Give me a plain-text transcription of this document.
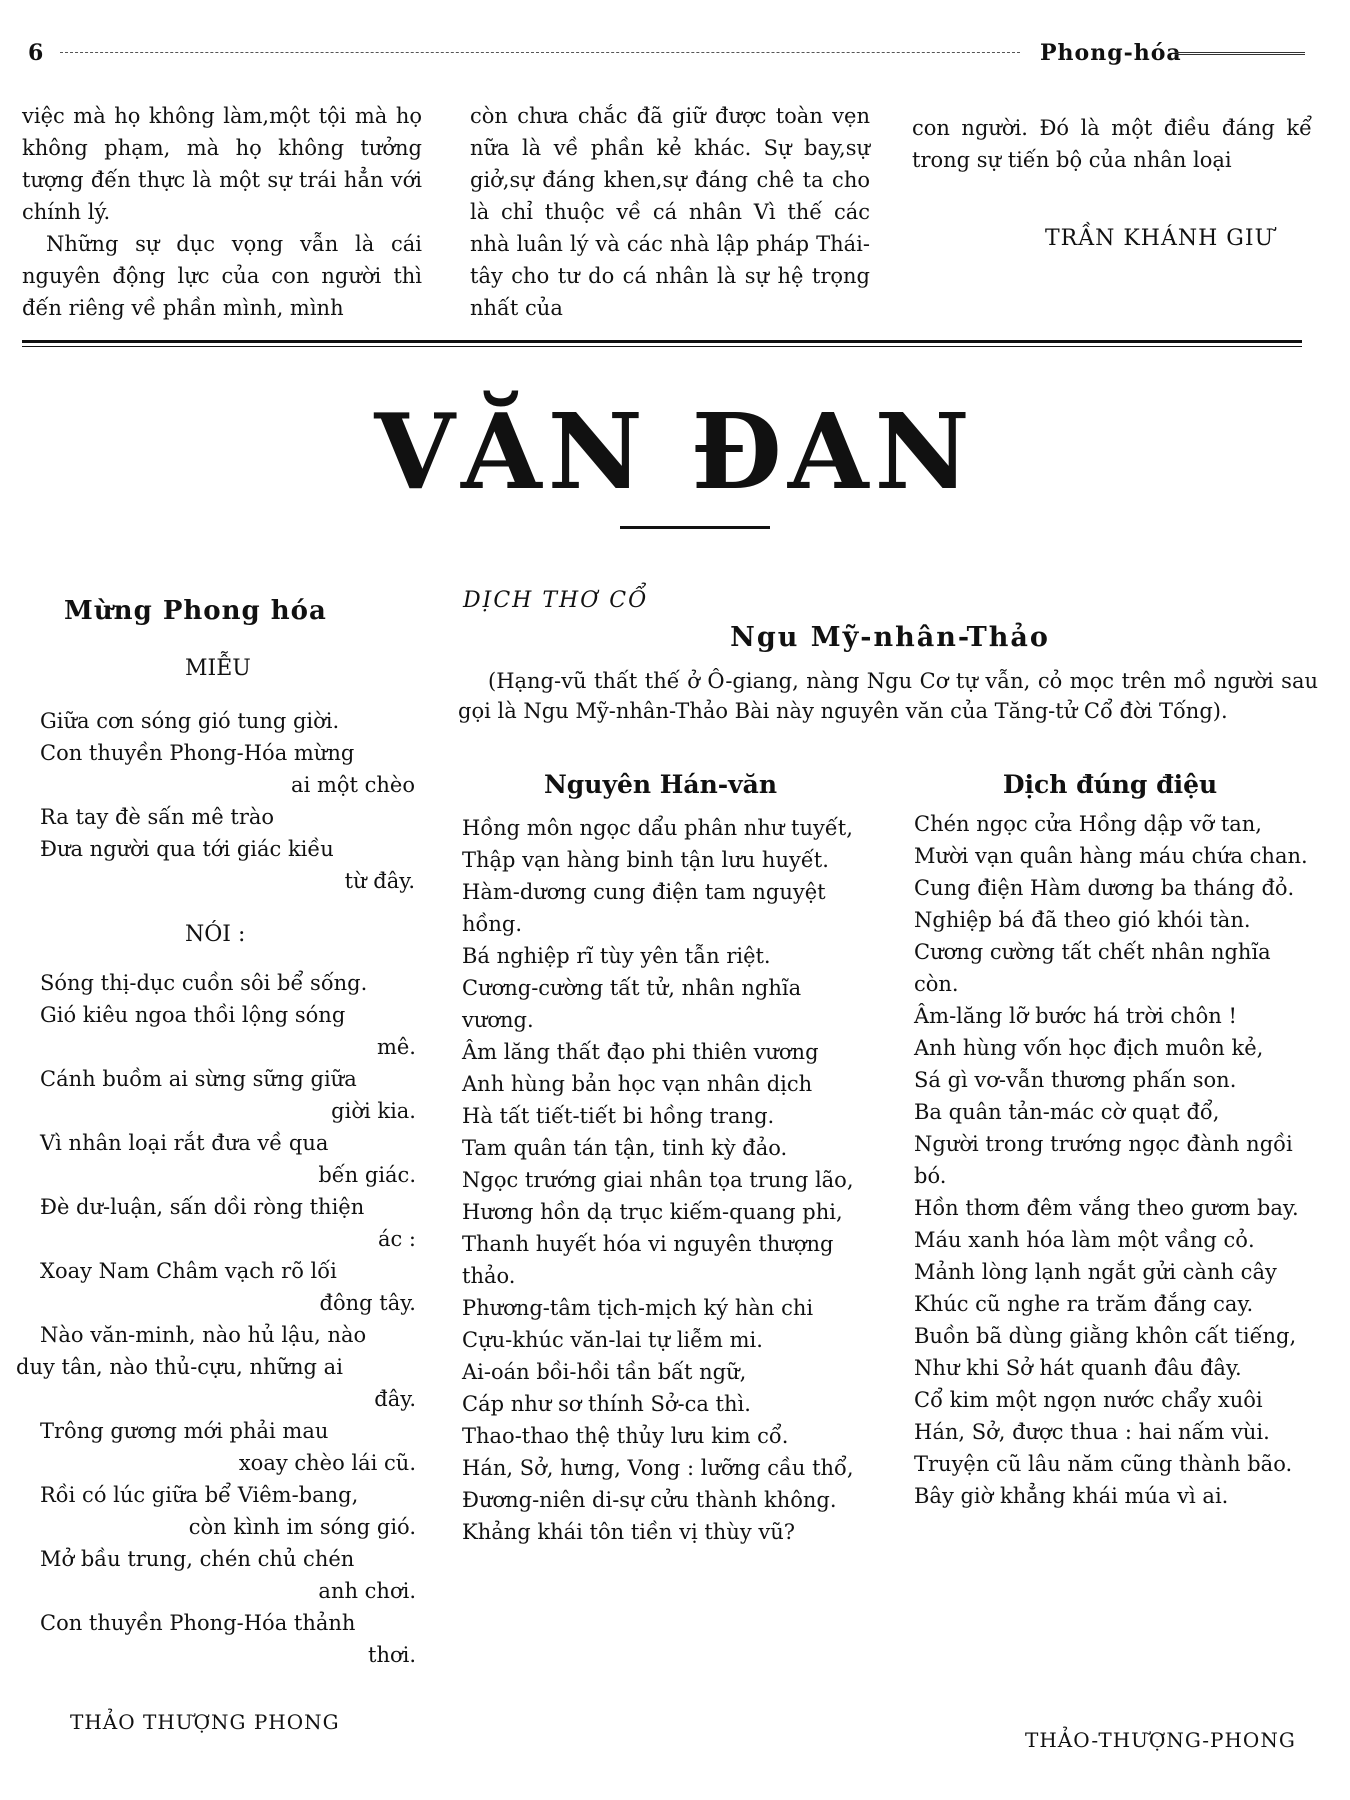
6	Phong-hóa

việc mà họ không làm,một tội mà họ không phạm, mà họ không tưởng tượng đến thực là một sự trái hẳn với chính lý.

Những sự dục vọng vẫn là cái nguyên động lực của con người thì đến riêng về phần mình, mình

còn chưa chắc đã giữ được toàn vẹn nữa là về phần kẻ khác. Sự bay,sự giở,sự đáng khen,sự đáng chê ta cho là chỉ thuộc về cá nhân Vì thế các nhà luân lý và các nhà lập pháp Thái-tây cho tư do cá nhân là sự hệ trọng nhất của

con người. Đó là một điều đáng kể trong sự tiến bộ của nhân loại

TRẦN KHÁNH GIƯ
VĂN ĐAN
Mừng Phong hóa
MIỄU

Giữa cơn sóng gió tung giời.

Con thuyền Phong-Hóa mừng

ai một chèo

Ra tay đè sấn mê trào

Đưa người qua tới giác kiều

từ đây.

NÓI :

Sóng thị-dục cuồn sôi bể sống.

Gió kiêu ngoa thồi lộng sóng

mê.

Cánh buồm ai sừng sững giữa

giời kia.

Vì nhân loại rắt đưa về qua

bến giác.

Đè dư-luận, sấn dồi ròng thiện

ác :

Xoay Nam Châm vạch rõ lối

đông tây.

Nào văn-minh, nào hủ lậu, nào

duy tân, nào thủ-cựu, những ai

đây.

Trông gương mới phải mau

xoay chèo lái cũ.

Rồi có lúc giữa bể Viêm-bang,

còn kình im sóng gió.

Mở bầu trung, chén chủ chén

anh chơi.

Con thuyền Phong-Hóa thảnh

thơi.

THẢO THƯỢNG PHONG
DỊCH THƠ CỔ
Ngu Mỹ-nhân-Thảo

(Hạng-vũ thất thế ở Ô-giang, nàng Ngu Cơ tự vẫn, cỏ mọc trên mồ người sau gọi là Ngu Mỹ-nhân-Thảo Bài này nguyên văn của Tăng-tử Cổ đời Tống).

Nguyên Hán-văn	Dịch đúng điệu

Hồng môn ngọc dẩu phân như tuyết,

Thập vạn hàng binh tận lưu huyết.

Hàm-dương cung điện tam nguyệt hồng.

Bá nghiệp rĩ tùy yên tẫn riệt.

Cương-cường tất tử, nhân nghĩa vương.

Âm lăng thất đạo phi thiên vương

Anh hùng bản học vạn nhân dịch

Hà tất tiết-tiết bi hồng trang.

Tam quân tán tận, tinh kỳ đảo.

Ngọc trướng giai nhân tọa trung lão,

Hương hồn dạ trục kiếm-quang phi,

Thanh huyết hóa vi nguyên thượng thảo.

Phương-tâm tịch-mịch ký hàn chi

Cựu-khúc văn-lai tự liễm mi.

Ai-oán bồi-hồi tần bất ngữ,

Cáp như sơ thính Sở-ca thì.

Thao-thao thệ thủy lưu kim cổ.

Hán, Sở, hưng, Vong : lưỡng cầu thổ,

Đương-niên di-sự cửu thành không.

Khảng khái tôn tiền vị thùy vũ?

Chén ngọc cửa Hồng dập vỡ tan,

Mười vạn quân hàng máu chứa chan.

Cung điện Hàm dương ba tháng đỏ.

Nghiệp bá đã theo gió khói tàn.

Cương cường tất chết nhân nghĩa còn.

Âm-lăng lỡ bước há trời chôn !

Anh hùng vốn học địch muôn kẻ,

Sá gì vơ-vẫn thương phấn son.

Ba quân tản-mác cờ quạt đổ,

Người trong trướng ngọc đành ngồi bó.

Hồn thơm đêm vắng theo gươm bay.

Máu xanh hóa làm một vầng cỏ.

Mảnh lòng lạnh ngắt gửi cành cây

Khúc cũ nghe ra trăm đắng cay.

Buồn bã dùng giằng khôn cất tiếng,

Như khi Sở hát quanh đâu đây.

Cổ kim một ngọn nước chẩy xuôi

Hán, Sở, được thua : hai nấm vùi.

Truyện cũ lâu năm cũng thành bão.

Bây giờ khẳng khái múa vì ai.

THẢO-THƯỢNG-PHONG
